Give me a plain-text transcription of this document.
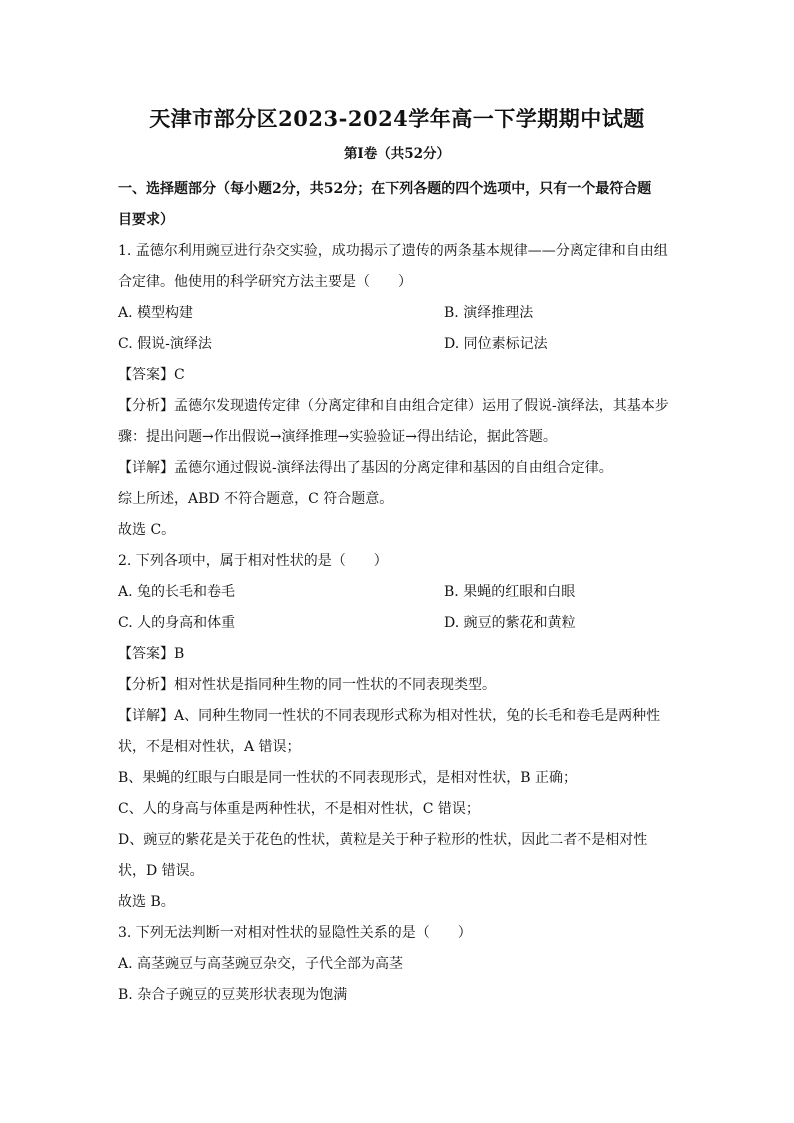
天津市部分区2023-2024学年高一下学期期中试题
第Ⅰ卷（共52分）

一、选择题部分（每小题2分，共52分；在下列各题的四个选项中，只有一个最符合题

目要求）

1. 孟德尔利用豌豆进行杂交实验，成功揭示了遗传的两条基本规律——分离定律和自由组

合定律。他使用的科学研究方法主要是（　　）

A. 模型构建	B. 演绎推理法
C. 假说-演绎法	D. 同位素标记法

【答案】C

【分析】孟德尔发现遗传定律（分离定律和自由组合定律）运用了假说-演绎法，其基本步

骤：提出问题→作出假说→演绎推理→实验验证→得出结论，据此答题。

【详解】孟德尔通过假说-演绎法得出了基因的分离定律和基因的自由组合定律。

综上所述，ABD 不符合题意，C 符合题意。

故选 C。

2. 下列各项中，属于相对性状的是（　　）

A. 兔的长毛和卷毛	B. 果蝇的红眼和白眼
C. 人的身高和体重	D. 豌豆的紫花和黄粒

【答案】B

【分析】相对性状是指同种生物的同一性状的不同表现类型。

【详解】A、同种生物同一性状的不同表现形式称为相对性状，兔的长毛和卷毛是两种性

状，不是相对性状，A 错误；

B、果蝇的红眼与白眼是同一性状的不同表现形式，是相对性状，B 正确；

C、人的身高与体重是两种性状，不是相对性状，C 错误；

D、豌豆的紫花是关于花色的性状，黄粒是关于种子粒形的性状，因此二者不是相对性

状，D 错误。

故选 B。

3. 下列无法判断一对相对性状的显隐性关系的是（　　）

A. 高茎豌豆与高茎豌豆杂交，子代全部为高茎

B. 杂合子豌豆的豆荚形状表现为饱满
